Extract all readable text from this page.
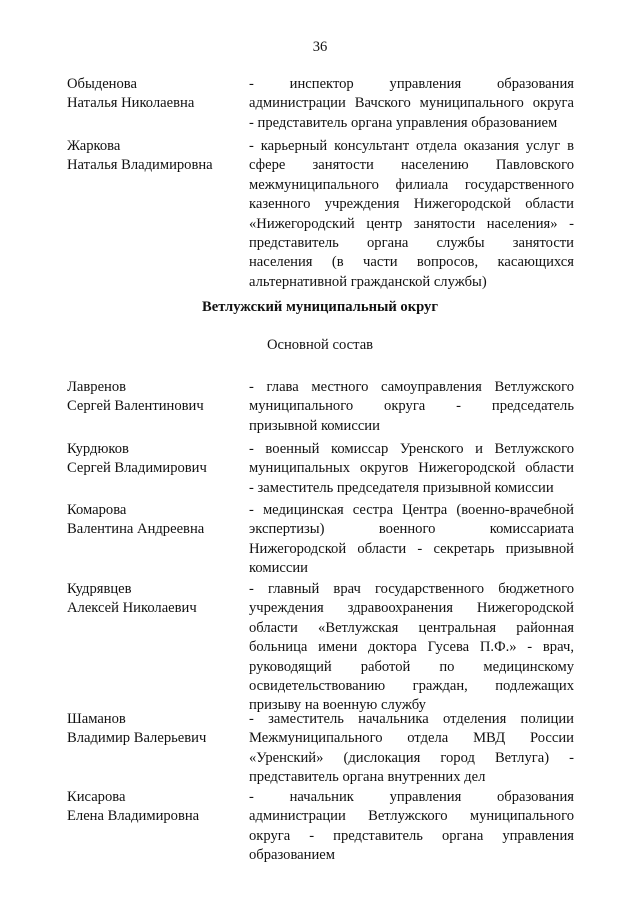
36
Обыденова
Наталья Николаевна
- инспектор управления образования
администрации Вачского муниципального округа
- представитель органа управления образованием
Жаркова
Наталья Владимировна
- карьерный консультант отдела оказания услуг в
сфере занятости населению Павловского
межмуниципального филиала государственного
казенного учреждения Нижегородской области
«Нижегородский центр занятости населения» -
представитель органа службы занятости
населения (в части вопросов, касающихся
альтернативной гражданской службы)
Ветлужский муниципальный округ
Основной состав
Лавренов
Сергей Валентинович
- глава местного самоуправления Ветлужского
муниципального округа - председатель
призывной комиссии
Курдюков
Сергей Владимирович
- военный комиссар Уренского и Ветлужского
муниципальных округов Нижегородской области
- заместитель председателя призывной комиссии
Комарова
Валентина Андреевна
- медицинская сестра Центра (военно-врачебной
экспертизы) военного комиссариата
Нижегородской области - секретарь призывной
комиссии
Кудрявцев
Алексей Николаевич
- главный врач государственного бюджетного
учреждения здравоохранения Нижегородской
области «Ветлужская центральная районная
больница имени доктора Гусева П.Ф.» - врач,
руководящий работой по медицинскому
освидетельствованию граждан, подлежащих
призыву на военную службу
Шаманов
Владимир Валерьевич
- заместитель начальника отделения полиции
Межмуниципального отдела МВД России
«Уренский» (дислокация город Ветлуга) -
представитель органа внутренних дел
Кисарова
Елена Владимировна
- начальник управления образования
администрации Ветлужского муниципального
округа - представитель органа управления
образованием
